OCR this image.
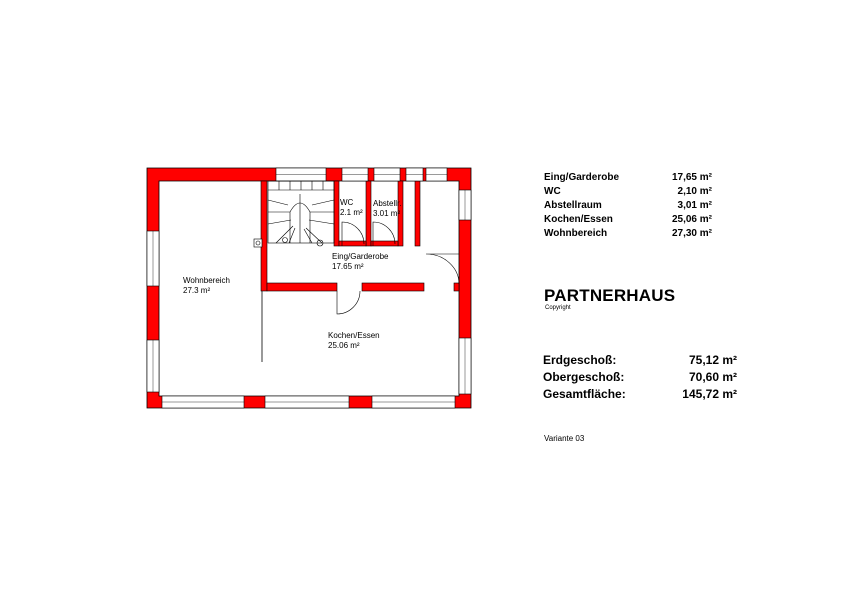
Wohnbereich
27.3 m²
WC
2.1 m²
Abstellr.
3.01 m²
Eing/Garderobe
17.65 m²
Kochen/Essen
25.06 m²
Eing/Garderobe	17,65 m²
WC	2,10 m²
Abstellraum	3,01 m²
Kochen/Essen	25,06 m²
Wohnbereich	27,30 m²
PARTNERHAUS
Copyright
Erdgeschoß:	75,12 m²
Obergeschoß:	70,60 m²
Gesamtfläche:	145,72 m²
Variante 03
